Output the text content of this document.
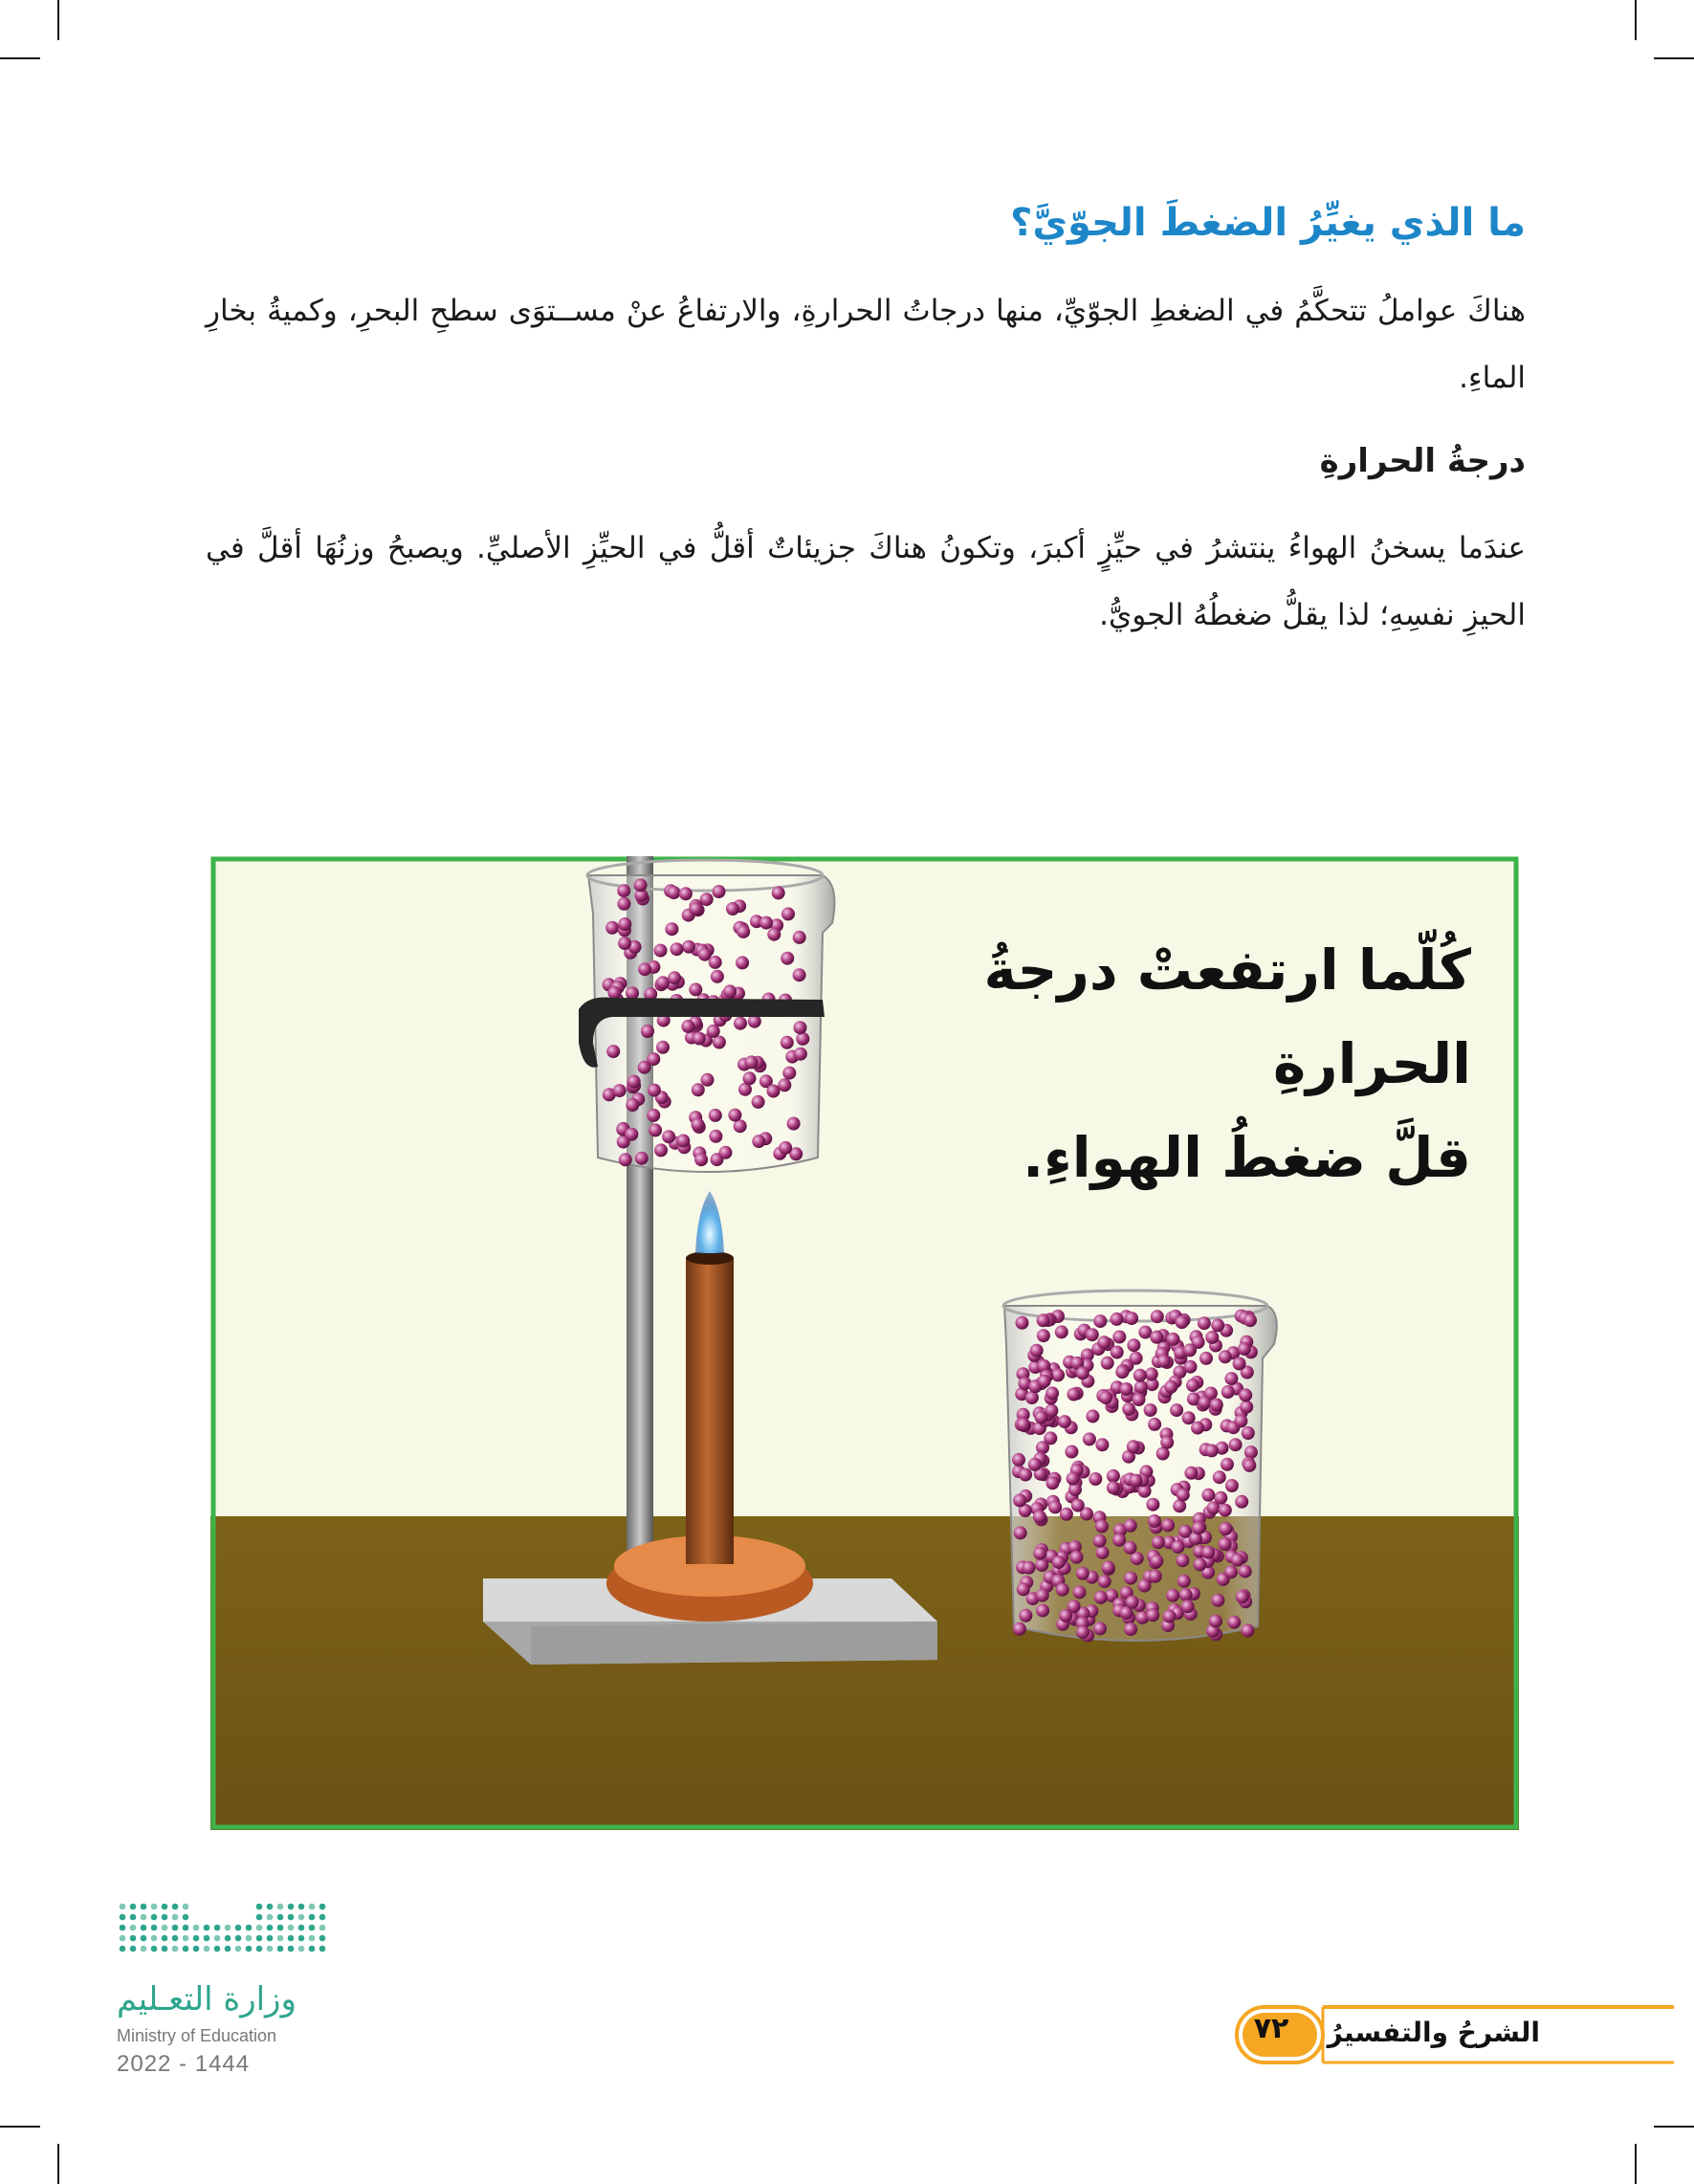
ما الذي يغيِّرُ الضغطَ الجوّيَّ؟

هناكَ عواملُ تتحكَّمُ في الضغطِ الجوّيِّ، منها درجاتُ الحرارةِ، والارتفاعُ عنْ مســتوَى سطحِ البحرِ، وكميةُ بخارِ الماءِ.

درجةُ الحرارةِ

عندَما يسخنُ الهواءُ ينتشرُ في حيِّزٍ أكبرَ، وتكونُ هناكَ جزيئاتٌ أقلُّ في الحيِّزِ الأصليِّ. ويصبحُ وزنُهَا أقلَّ في الحيزِ نفسِهِ؛ لذا يقلُّ ضغطُهُ الجويُّ.

كُلّما ارتفعتْ درجةُ الحرارةِ
قلَّ ضغطُ الهواءِ.
وزارة التعـليم
Ministry of Education
2022 - 1444
الشرحُ والتفسيرُ
٧٢
